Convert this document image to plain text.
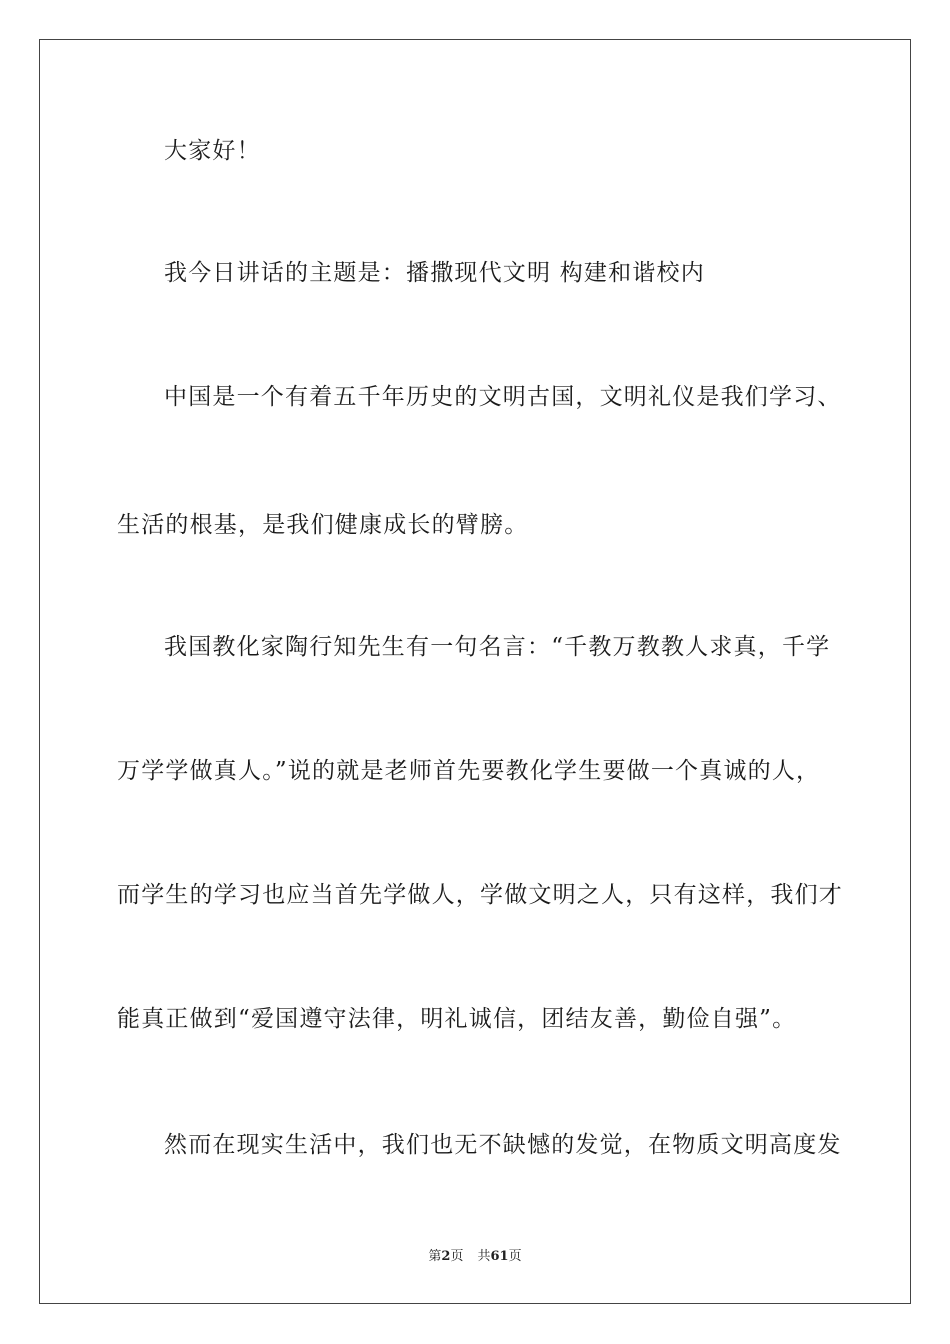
大家好！
我今日讲话的主题是：播撒现代文明 构建和谐校内
中国是一个有着五千年历史的文明古国，文明礼仪是我们学习、
生活的根基，是我们健康成长的臂膀。
我国教化家陶行知先生有一句名言：“千教万教教人求真，千学
万学学做真人。”说的就是老师首先要教化学生要做一个真诚的人，
而学生的学习也应当首先学做人，学做文明之人，只有这样，我们才
能真正做到“爱国遵守法律，明礼诚信，团结友善，勤俭自强”。
然而在现实生活中，我们也无不缺憾的发觉，在物质文明高度发
第2页 共61页
